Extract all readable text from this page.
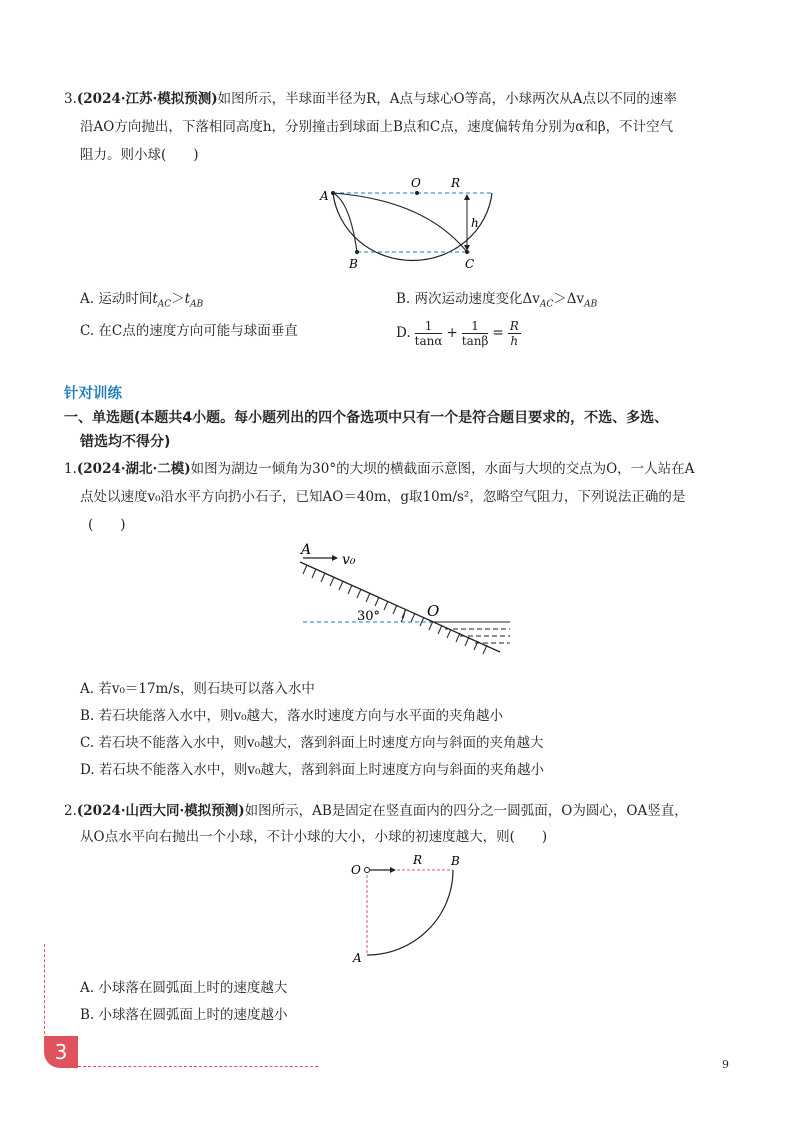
3.(2024·江苏·模拟预测)如图所示，半球面半径为R，A点与球心O等高，小球两次从A点以不同的速率
沿AO方向抛出，下落相同高度h，分别撞击到球面上B点和C点，速度偏转角分别为α和β，不计空气
阻力。则小球(　　)
A
O	R
h
B	C
A. 运动时间$t_{AC}>t_{AB}$	B. 两次运动速度变化$\Delta v_{AC}>\Delta v_{AB}$
C. 在C点的速度方向可能与球面垂直	D. $\frac{1}{\tan\alpha} + \frac{1}{\tan\beta} = \frac{R}{h}$
针对训练
一、单选题(本题共4小题。每小题列出的四个备选项中只有一个是符合题目要求的，不选、多选、
错选均不得分)
1.(2024·湖北·二模)如图为湖边一倾角为30°的大坝的横截面示意图，水面与大坝的交点为O，一人站在A
点处以速度v₀沿水平方向扔小石子，已知AO＝40m，g取10m/s²，忽略空气阻力，下列说法正确的是
(　　)
A
v₀
30°	O
A. 若v₀＝17m/s，则石块可以落入水中
B. 若石块能落入水中，则v₀越大，落水时速度方向与水平面的夹角越小
C. 若石块不能落入水中，则v₀越大，落到斜面上时速度方向与斜面的夹角越大
D. 若石块不能落入水中，则v₀越大，落到斜面上时速度方向与斜面的夹角越小
2.(2024·山西大同·模拟预测)如图所示，AB是固定在竖直面内的四分之一圆弧面，O为圆心，OA竖直，
从O点水平向右抛出一个小球，不计小球的大小，小球的初速度越大，则(　　)
O
R B
A
A. 小球落在圆弧面上时的速度越大
B. 小球落在圆弧面上时的速度越小
3
9
